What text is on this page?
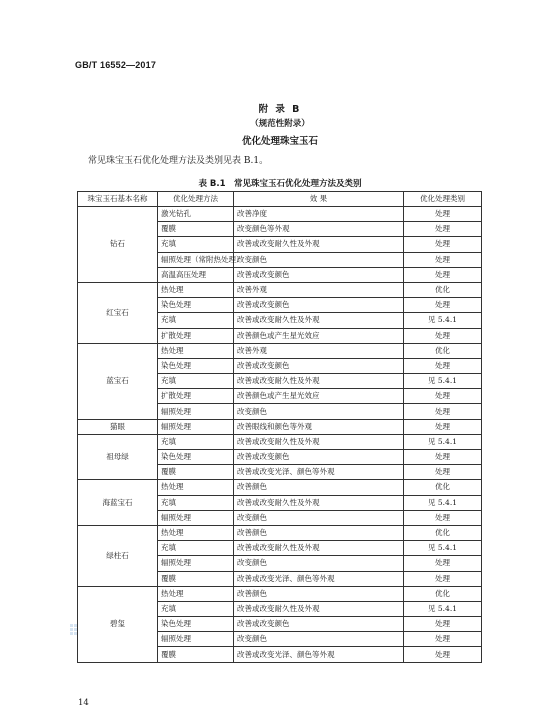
GB/T 16552—2017
附 录 B
（规范性附录）
优化处理珠宝玉石
常见珠宝玉石优化处理方法及类别见表 B.1。
表 B.1　常见珠宝玉石优化处理方法及类别
珠宝玉石基本名称	优化处理方法	效 果	优化处理类别
钻石	激光钻孔	改善净度	处理
	覆膜	改变颜色等外观	处理
	充填	改善或改变耐久性及外观	处理
	辐照处理（常附热处理）	改变颜色	处理
	高温高压处理	改善或改变颜色	处理
红宝石	热处理	改善外观	优化
	染色处理	改善或改变颜色	处理
	充填	改善或改变耐久性及外观	见 5.4.1
	扩散处理	改善颜色或产生星光效应	处理
蓝宝石	热处理	改善外观	优化
	染色处理	改善或改变颜色	处理
	充填	改善或改变耐久性及外观	见 5.4.1
	扩散处理	改善颜色或产生星光效应	处理
	辐照处理	改变颜色	处理
猫眼	辐照处理	改善眼线和颜色等外观	处理
祖母绿	充填	改善或改变耐久性及外观	见 5.4.1
	染色处理	改善或改变颜色	处理
	覆膜	改善或改变光泽、颜色等外观	处理
海蓝宝石	热处理	改善颜色	优化
	充填	改善或改变耐久性及外观	见 5.4.1
	辐照处理	改变颜色	处理
绿柱石	热处理	改善颜色	优化
	充填	改善或改变耐久性及外观	见 5.4.1
	辐照处理	改变颜色	处理
	覆膜	改善或改变光泽、颜色等外观	处理
碧玺	热处理	改善颜色	优化
	充填	改善或改变耐久性及外观	见 5.4.1
	染色处理	改善或改变颜色	处理
	辐照处理	改变颜色	处理
	覆膜	改善或改变光泽、颜色等外观	处理
14
